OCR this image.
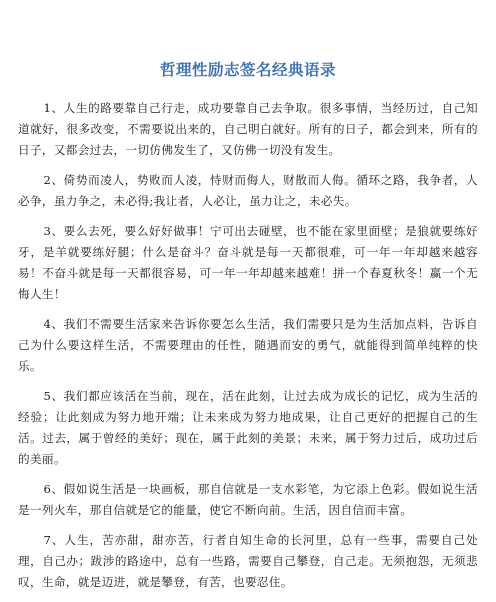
哲理性励志签名经典语录

1、人生的路要靠自己行走，成功要靠自己去争取。很多事情，当经历过，自己知道就好，很多改变，不需要说出来的，自己明白就好。所有的日子，都会到来，所有的日子，又都会过去，一切仿佛发生了，又仿佛一切没有发生。

2、倚势而凌人，势败而人凌，恃财而侮人，财散而人侮。循环之路，我争者，人必争，虽力争之，未必得;我让者，人必让，虽力让之，未必失。

3、要么去死，要么好好做事！宁可出去碰壁，也不能在家里面壁；是狼就要练好牙，是羊就要练好腿；什么是奋斗？奋斗就是每一天都很难，可一年一年却越来越容易！不奋斗就是每一天都很容易，可一年一年却越来越难！拼一个春夏秋冬！赢一个无悔人生！

4、我们不需要生活家来告诉你要怎么生活，我们需要只是为生活加点料，告诉自己为什么要这样生活，不需要理由的任性，随遇而安的勇气，就能得到简单纯粹的快乐。

5、我们都应该活在当前，现在，活在此刻，让过去成为成长的记忆，成为生活的经验；让此刻成为努力地开端；让未来成为努力地成果，让自己更好的把握自己的生活。过去，属于曾经的美好；现在，属于此刻的美景；未来，属于努力过后，成功过后的美丽。

6、假如说生活是一块画板，那自信就是一支水彩笔，为它添上色彩。假如说生活是一列火车，那自信就是它的能量，使它不断向前。生活，因自信而丰富。

7、人生，苦亦甜，甜亦苦，行者自知生命的长河里，总有一些事，需要自己处理，自己办；跋涉的路途中，总有一些路，需要自己攀登，自己走。无须抱怨，无须悲叹，生命，就是迈进，就是攀登，有苦，也要忍住。
